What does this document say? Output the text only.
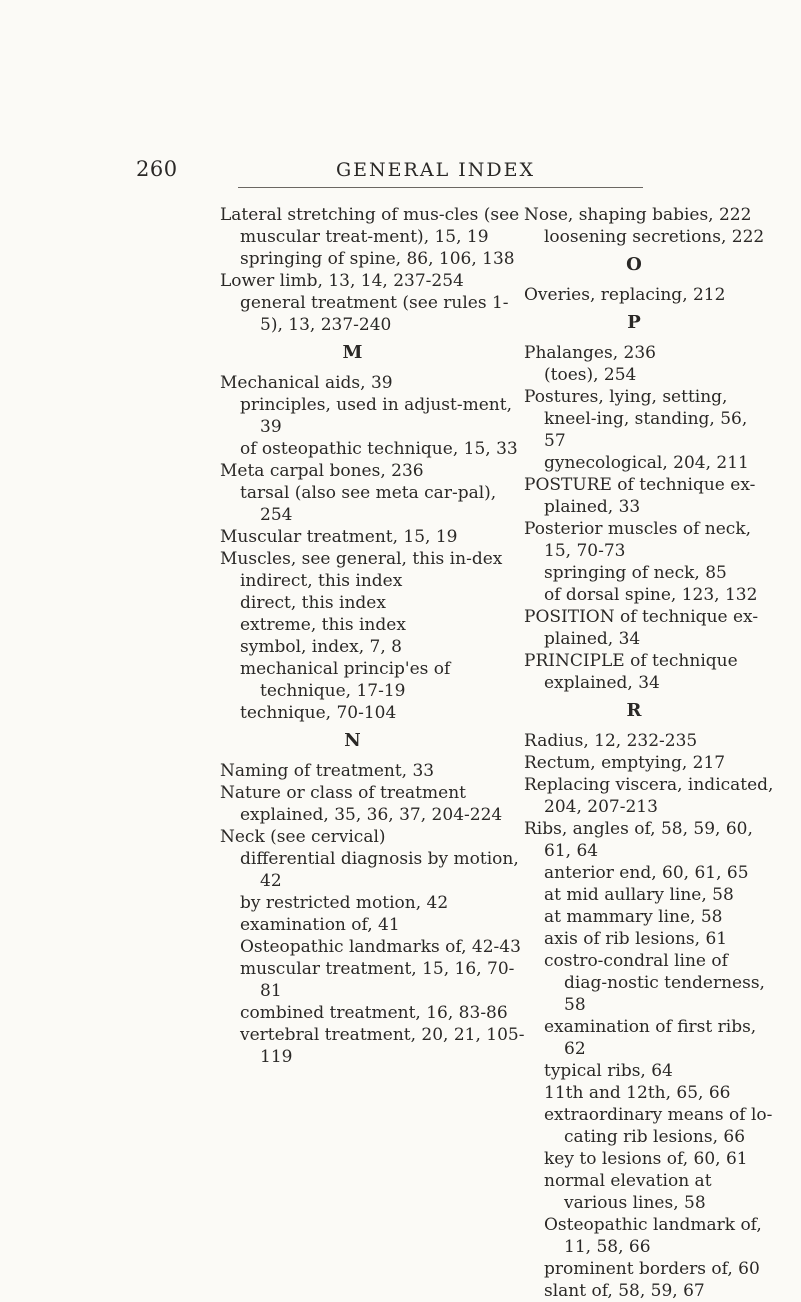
260	GENERAL INDEX

Lateral stretching of mus-cles (see muscular treat-ment), 15, 19

springing of spine, 86, 106, 138

Lower limb, 13, 14, 237-254

general treatment (see rules 1-5), 13, 237-240

M

Mechanical aids, 39

principles, used in adjust-ment, 39

of osteopathic technique, 15, 33

Meta carpal bones, 236

tarsal (also see meta car-pal), 254

Muscular treatment, 15, 19

Muscles, see general, this in-dex

indirect, this index

direct, this index

extreme, this index

symbol, index, 7, 8

mechanical princip'es of technique, 17-19

technique, 70-104

N

Naming of treatment, 33

Nature or class of treatment explained, 35, 36, 37, 204-224

Neck (see cervical)

differential diagnosis by motion, 42

by restricted motion, 42

examination of, 41

Osteopathic landmarks of, 42-43

muscular treatment, 15, 16, 70-81

combined treatment, 16, 83-86

vertebral treatment, 20, 21, 105-119

Nose, shaping babies, 222

loosening secretions, 222

O

Overies, replacing, 212

P

Phalanges, 236

(toes), 254

Postures, lying, setting, kneel-ing, standing, 56, 57

gynecological, 204, 211

POSTURE of technique ex-plained, 33

Posterior muscles of neck, 15, 70-73

springing of neck, 85

of dorsal spine, 123, 132

POSITION of technique ex-plained, 34

PRINCIPLE of technique explained, 34

R

Radius, 12, 232-235

Rectum, emptying, 217

Replacing viscera, indicated, 204, 207-213

Ribs, angles of, 58, 59, 60, 61, 64

anterior end, 60, 61, 65

at mid aullary line, 58

at mammary line, 58

axis of rib lesions, 61

costro-condral line of diag-nostic tenderness, 58

examination of first ribs, 62

typical ribs, 64

11th and 12th, 65, 66

extraordinary means of lo-cating rib lesions, 66

key to lesions of, 60, 61

normal elevation at various lines, 58

Osteopathic landmark of, 11, 58, 66

prominent borders of, 60

slant of, 58, 59, 67
